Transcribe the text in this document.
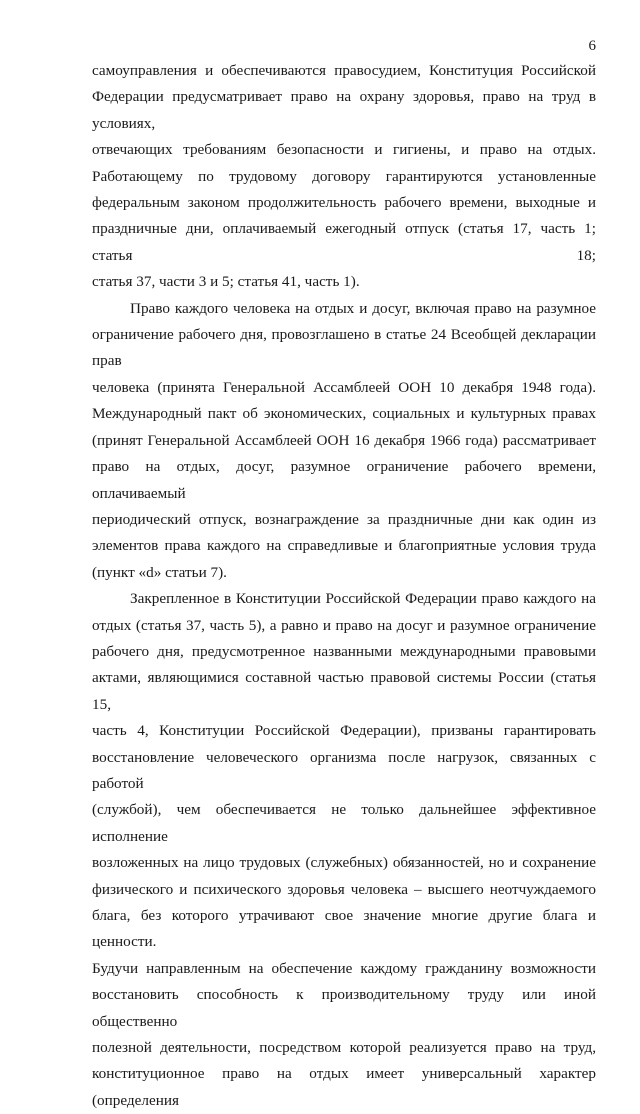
6
самоуправления и обеспечиваются правосудием, Конституция Российской
Федерации предусматривает право на охрану здоровья, право на труд в условиях,
отвечающих требованиям безопасности и гигиены, и право на отдых.
Работающему по трудовому договору гарантируются установленные
федеральным законом продолжительность рабочего времени, выходные и
праздничные дни, оплачиваемый ежегодный отпуск (статья 17, часть 1; статья 18;
статья 37, части 3 и 5; статья 41, часть 1).
Право каждого человека на отдых и досуг, включая право на разумное
ограничение рабочего дня, провозглашено в статье 24 Всеобщей декларации прав
человека (принята Генеральной Ассамблеей ООН 10 декабря 1948 года).
Международный пакт об экономических, социальных и культурных правах
(принят Генеральной Ассамблеей ООН 16 декабря 1966 года) рассматривает
право на отдых, досуг, разумное ограничение рабочего времени, оплачиваемый
периодический отпуск, вознаграждение за праздничные дни как один из
элементов права каждого на справедливые и благоприятные условия труда
(пункт «d» статьи 7).
Закрепленное в Конституции Российской Федерации право каждого на
отдых (статья 37, часть 5), а равно и право на досуг и разумное ограничение
рабочего дня, предусмотренное названными международными правовыми
актами, являющимися составной частью правовой системы России (статья 15,
часть 4, Конституции Российской Федерации), призваны гарантировать
восстановление человеческого организма после нагрузок, связанных с работой
(службой), чем обеспечивается не только дальнейшее эффективное исполнение
возложенных на лицо трудовых (служебных) обязанностей, но и сохранение
физического и психического здоровья человека – высшего неотчуждаемого
блага, без которого утрачивают свое значение многие другие блага и ценности.
Будучи направленным на обеспечение каждому гражданину возможности
восстановить способность к производительному труду или иной общественно
полезной деятельности, посредством которой реализуется право на труд,
конституционное право на отдых имеет универсальный характер (определения
